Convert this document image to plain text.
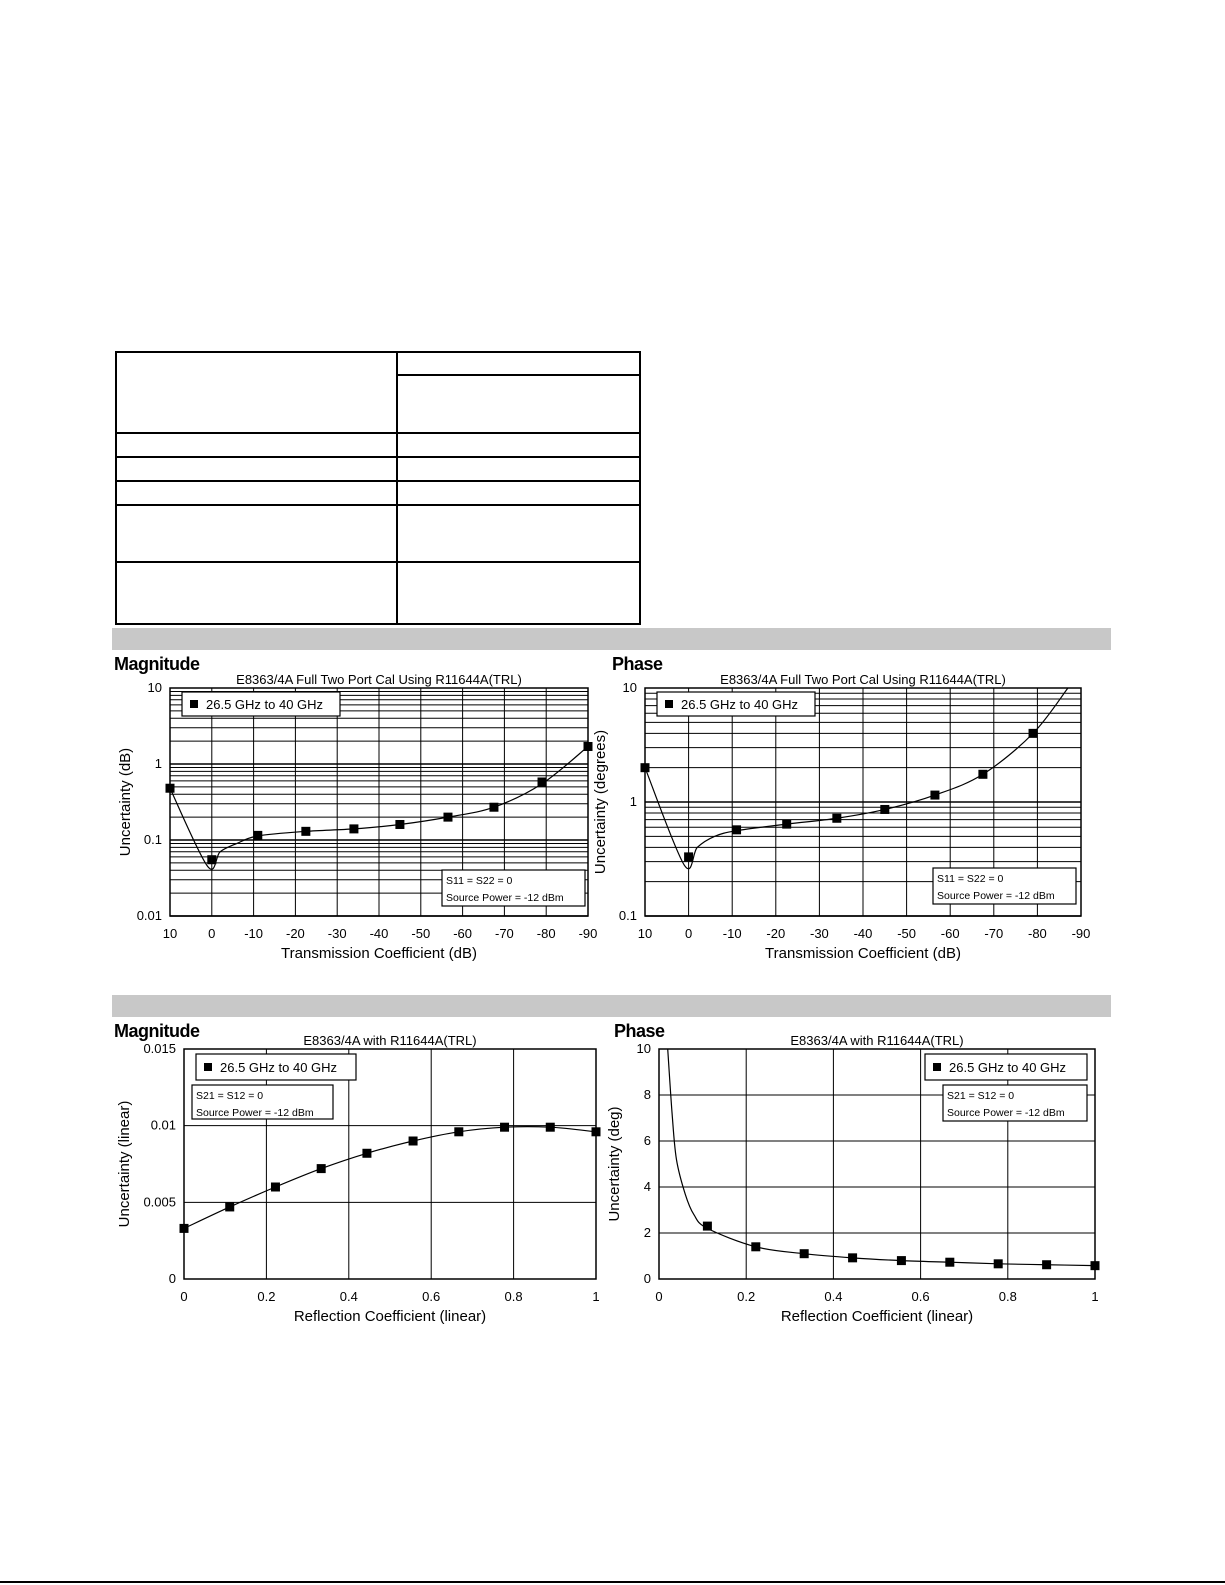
Magnitude	Phase
Magnitude	Phase
E8363/4A Full Two Port Cal Using R11644A(TRL)
10 0 -10 -20 -30 -40 -50 -60 -70 -80 -90
10
1
0.1
0.01
Transmission Coefficient (dB)
Uncertainty (dB)
26.5 GHz to 40 GHz
S11 = S22 = 0
Source Power = -12 dBm
E8363/4A Full Two Port Cal Using R11644A(TRL)
10	0 -10 -20 -30 -40 -50 -60 -70 -80 -90
10
1
0.1
Transmission Coefficient (dB)
Uncertainty (degrees)
26.5 GHz to 40 GHz
S11 = S22 = 0
Source Power = -12 dBm
E8363/4A with R11644A(TRL)
0	0.2	0.4	0.6	0.8	1
0.015
0.01
0.005
0
Reflection Coefficient (linear)
Uncertainty (linear)
26.5 GHz to 40 GHz
S21 = S12 = 0
Source Power = -12 dBm
E8363/4A with R11644A(TRL)
0	0.2	0.4	0.6	0.8	1
10
8
6
4
2
0
Reflection Coefficient (linear)
Uncertainty (deg)
26.5 GHz to 40 GHz
S21 = S12 = 0
Source Power = -12 dBm
